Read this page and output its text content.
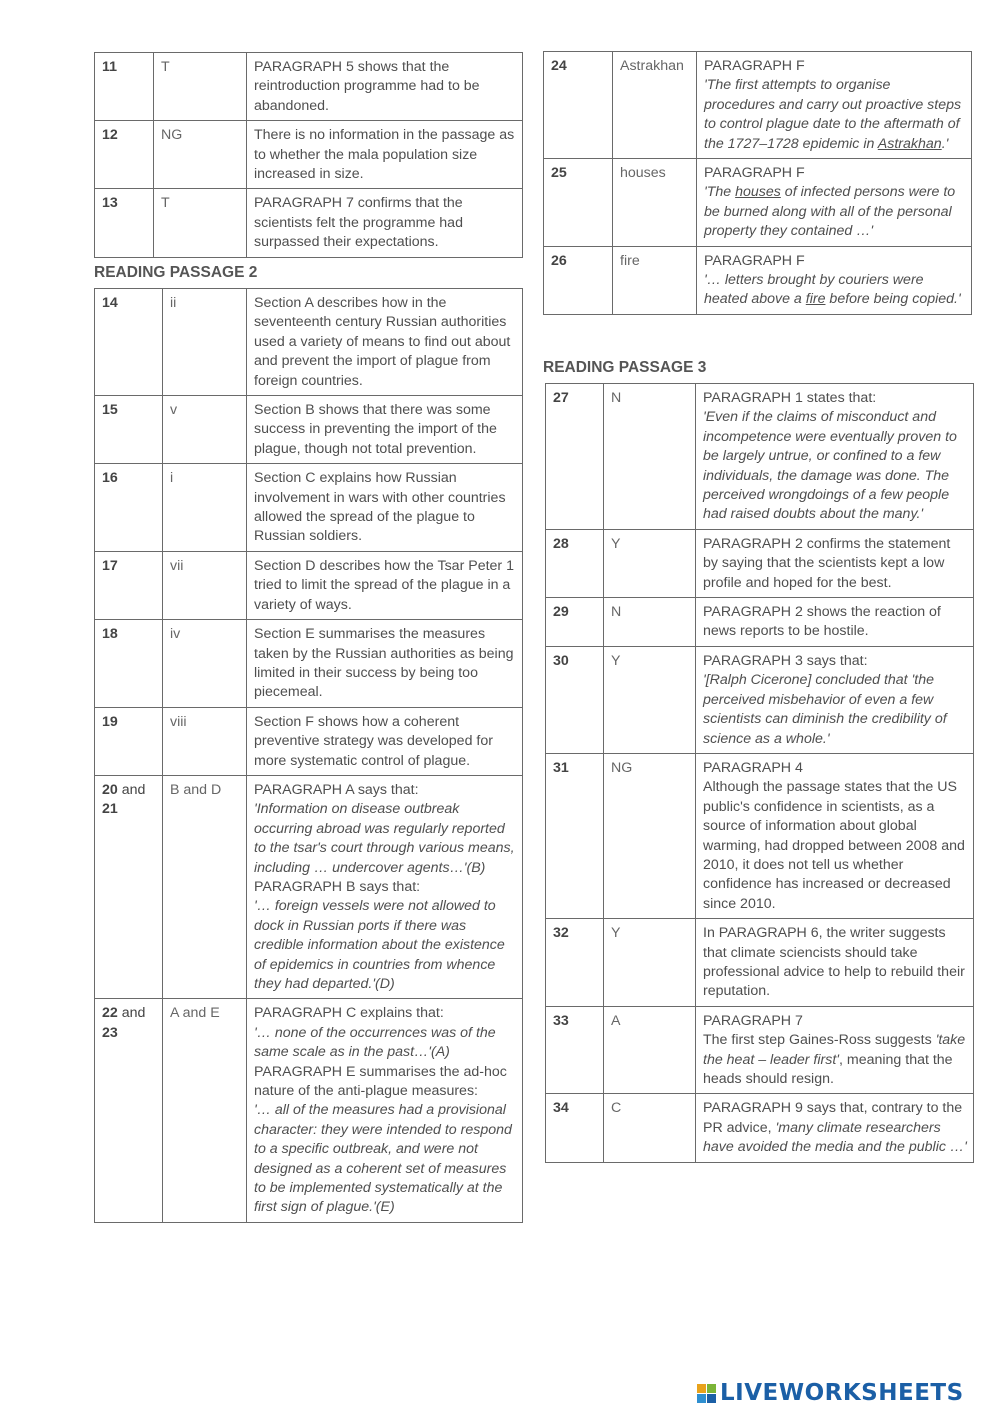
11	T	PARAGRAPH 5 shows that the reintroduction programme had to be abandoned.

12	NG	There is no information in the passage as to whether the mala population size increased in size.

13	T	PARAGRAPH 7 confirms that the scientists felt the programme had surpassed their expectations.
READING PASSAGE 2
14	ii	Section A describes how in the seventeenth century Russian authorities used a variety of means to find out about and prevent the import of plague from foreign countries.

15	v	Section B shows that there was some success in preventing the import of the plague, though not total prevention.

16	i	Section C explains how Russian involvement in wars with other countries allowed the spread of the plague to Russian soldiers.

17	vii	Section D describes how the Tsar Peter 1 tried to limit the spread of the plague in a variety of ways.

18	iv	Section E summarises the measures taken by the Russian authorities as being limited in their success by being too piecemeal.

19	viii	Section F shows how a coherent preventive strategy was developed for more systematic control of plague.

20 and
21	B and D	PARAGRAPH A says that:
'Information on disease outbreak occurring abroad was regularly reported to the tsar's court through various means, including … undercover agents…'(B)
PARAGRAPH B says that:
'… foreign vessels were not allowed to dock in Russian ports if there was credible information about the existence of epidemics in countries from whence they had departed.'(D)

22 and
23	A and E	PARAGRAPH C explains that:
'… none of the occurrences was of the same scale as in the past…'(A)
PARAGRAPH E summarises the ad-hoc nature of the anti-plague measures:
'… all of the measures had a provisional character: they were intended to respond to a specific outbreak, and were not designed as a coherent set of measures to be implemented systematically at the first sign of plague.'(E)
24	Astrakhan	PARAGRAPH F
'The first attempts to organise procedures and carry out proactive steps to control plague date to the aftermath of the 1727–1728 epidemic in Astrakhan.'

25	houses	PARAGRAPH F
'The houses of infected persons were to be burned along with all of the personal property they contained …'

26	fire	PARAGRAPH F
'… letters brought by couriers were heated above a fire before being copied.'
READING PASSAGE 3
27	N	PARAGRAPH 1 states that:
'Even if the claims of misconduct and incompetence were eventually proven to be largely untrue, or confined to a few individuals, the damage was done. The perceived wrongdoings of a few people had raised doubts about the many.'

28	Y	PARAGRAPH 2 confirms the statement by saying that the scientists kept a low profile and hoped for the best.

29	N	PARAGRAPH 2 shows the reaction of news reports to be hostile.

30	Y	PARAGRAPH 3 says that:
'[Ralph Cicerone] concluded that 'the perceived misbehavior of even a few scientists can diminish the credibility of science as a whole.'

31	NG	PARAGRAPH 4
Although the passage states that the US public's confidence in scientists, as a source of information about global warming, had dropped between 2008 and 2010, it does not tell us whether confidence has increased or decreased since 2010.

32	Y	In PARAGRAPH 6, the writer suggests that climate sciencists should take professional advice to help to rebuild their reputation.

33	A	PARAGRAPH 7
The first step Gaines-Ross suggests 'take the heat – leader first', meaning that the heads should resign.

34	C	PARAGRAPH 9 says that, contrary to the PR advice, 'many climate researchers have avoided the media and the public …'
LIVEWORKSHEETS
